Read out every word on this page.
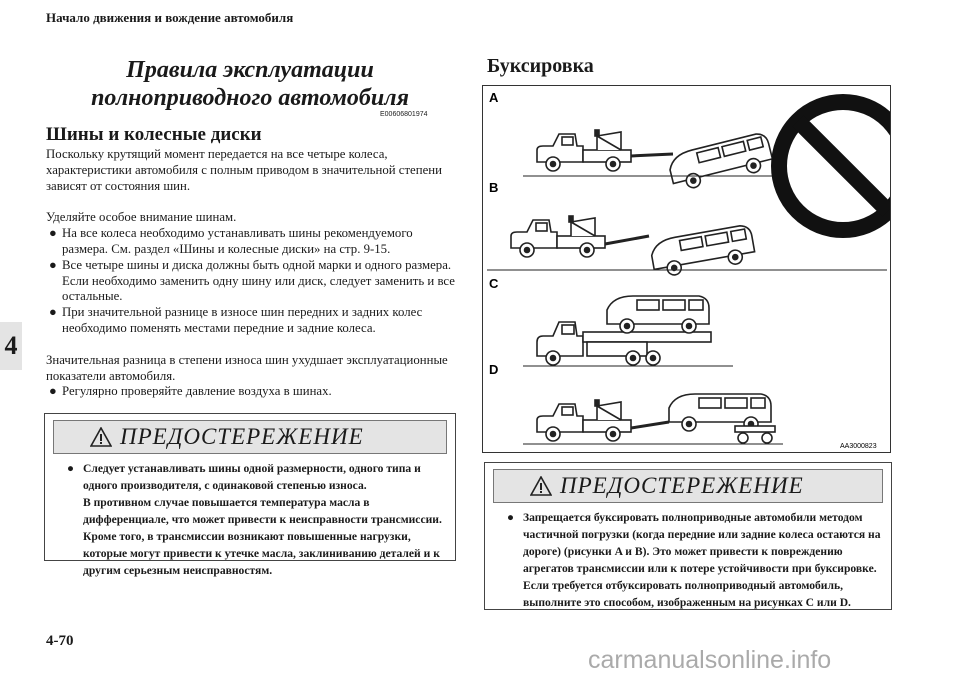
Начало движения и вождение автомобиля
4
Правила эксплуатации полноприводного автомобиля
E00606801974
Шины и колесные диски

Поскольку крутящий момент передается на все четыре колеса, характеристики автомобиля с полным приводом в значительной степени зависят от состояния шин.

Уделяйте особое внимание шинам.

● На все колеса необходимо устанавливать шины рекомендуемого размера. См. раздел «Шины и колесные диски» на стр. 9-15.

● Все четыре шины и диска должны быть одной марки и одного размера.

Если необходимо заменить одну шину или диск, следует заменить и все остальные.

● При значительной разнице в износе шин передних и задних колес необходимо поменять местами передние и задние колеса.

Значительная разница в степени износа шин ухудшает эксплуатационные показатели автомобиля.

● Регулярно проверяйте давление воздуха в шинах.

ПРЕДОСТЕРЕЖЕНИЕ
● Следует устанавливать шины одной размерности, одного типа и одного производителя, с одинаковой степенью износа.
В противном случае повышается температура масла в дифференциале, что может привести к неисправности трансмиссии. Кроме того, в трансмиссии возникают повышенные нагрузки, которые могут привести к утечке масла, заклиниванию деталей и к другим серьезным неисправностям.
Буксировка
A
B
C
D
AA3000823
ПРЕДОСТЕРЕЖЕНИЕ
● Запрещается буксировать полноприводные автомобили методом частичной погрузки (когда передние или задние колеса остаются на дороге) (рисунки A и B). Это может привести к повреждению агрегатов трансмиссии или к потере устойчивости при буксировке.
Если требуется отбуксировать полноприводный автомобиль, выполните это способом, изображенным на рисунках C или D.
4-70
carmanualsonline.info
